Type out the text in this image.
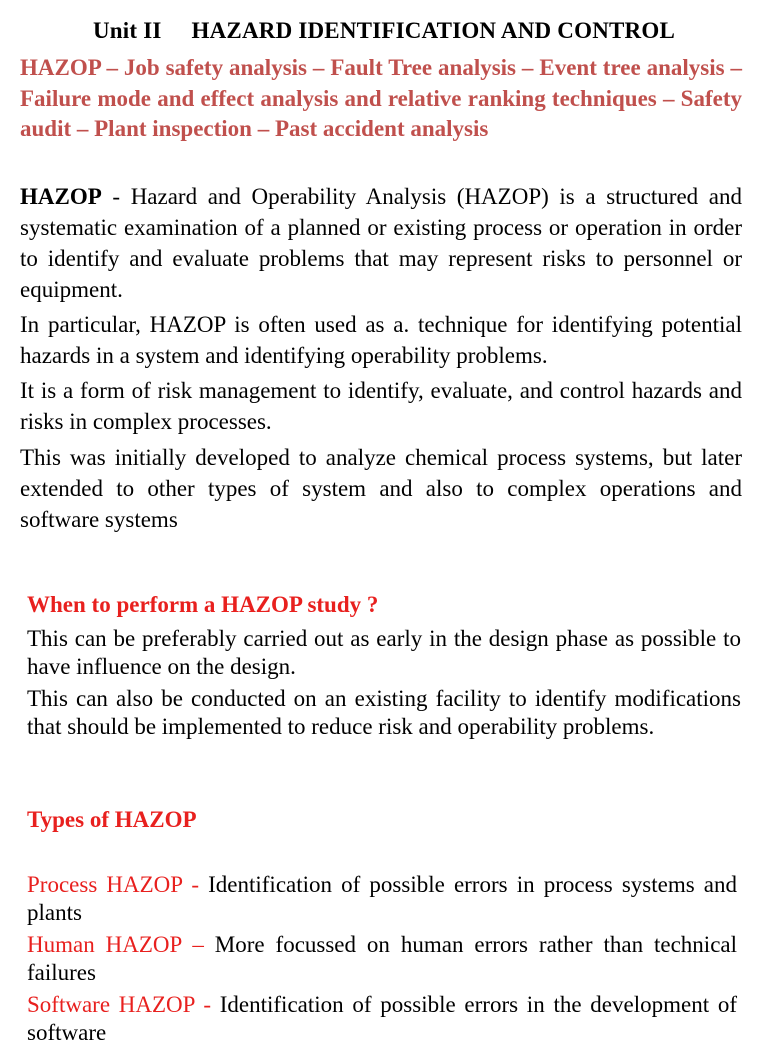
Unit II HAZARD IDENTIFICATION AND CONTROL
HAZOP – Job safety analysis – Fault Tree analysis – Event tree analysis – Failure mode and effect analysis and relative ranking techniques – Safety audit – Plant inspection – Past accident analysis

HAZOP - Hazard and Operability Analysis (HAZOP) is a structured and systematic examination of a planned or existing process or operation in order to identify and evaluate problems that may represent risks to personnel or equipment.

In particular, HAZOP is often used as a. technique for identifying potential hazards in a system and identifying operability problems.

It is a form of risk management to identify, evaluate, and control hazards and risks in complex processes.

This was initially developed to analyze chemical process systems, but later extended to other types of system and also to complex operations and software systems

When to perform a HAZOP study ?

This can be preferably carried out as early in the design phase as possible to have influence on the design.

This can also be conducted on an existing facility to identify modifications that should be implemented to reduce risk and operability problems.

Types of HAZOP

Process HAZOP - Identification of possible errors in process systems and plants

Human HAZOP – More focussed on human errors rather than technical failures

Software HAZOP - Identification of possible errors in the development of software
